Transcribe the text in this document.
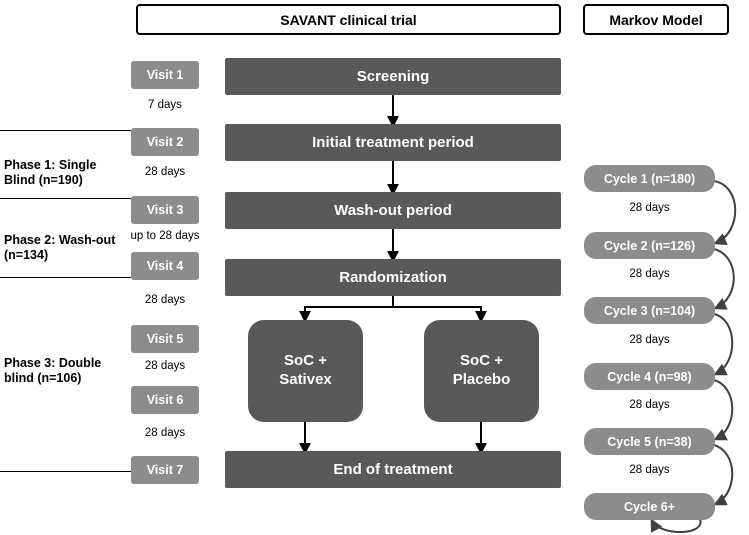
SAVANT clinical trial	Markov Model
Screening
Initial treatment period
Wash-out period
Randomization
End of treatment
SoC +
Sativex
SoC +
Placebo
Visit 1
Visit 2
Visit 3
Visit 4
Visit 5
Visit 6
Visit 7
7 days
28 days
up to 28 days
28 days
28 days
28 days
Phase 1: Single Blind (n=190)
Phase 2: Wash-out (n=134)
Phase 3: Double blind (n=106)
Cycle 1 (n=180)
Cycle 2 (n=126)
Cycle 3 (n=104)
Cycle 4 (n=98)
Cycle 5 (n=38)
Cycle 6+
28 days
28 days
28 days
28 days
28 days
